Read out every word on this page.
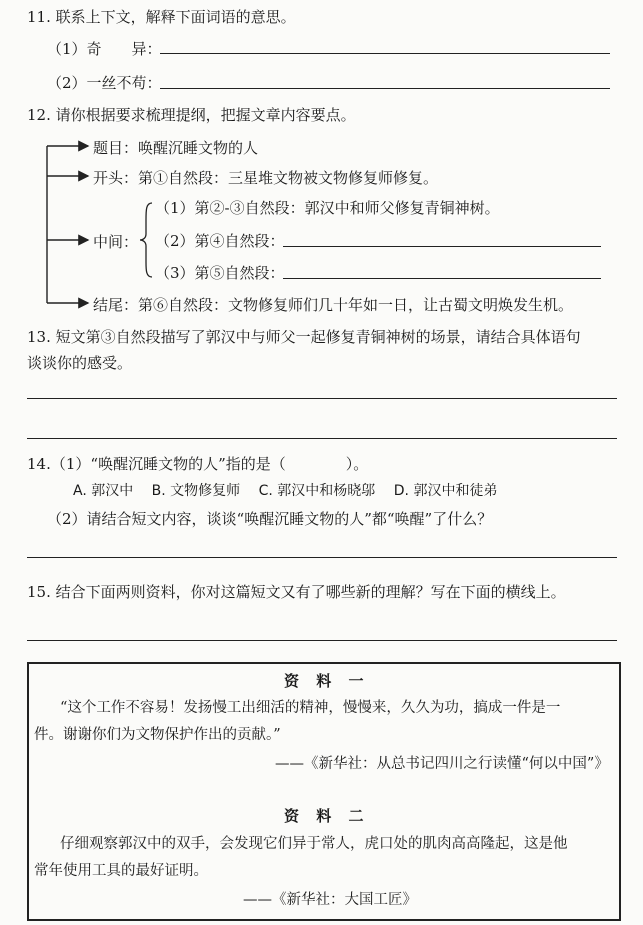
11. 联系上下文，解释下面词语的意思。
（1）奇　　异：
（2）一丝不苟：
12. 请你根据要求梳理提纲，把握文章内容要点。
题目：唤醒沉睡文物的人
开头：第①自然段：三星堆文物被文物修复师修复。
中间：
（1）第②-③自然段：郭汉中和师父修复青铜神树。
（2）第④自然段：
（3）第⑤自然段：
结尾：第⑥自然段：文物修复师们几十年如一日，让古蜀文明焕发生机。
13. 短文第③自然段描写了郭汉中与师父一起修复青铜神树的场景，请结合具体语句
谈谈你的感受。
14.（1）“唤醒沉睡文物的人”指的是（　　　　）。
A. 郭汉中　 B. 文物修复师　 C. 郭汉中和杨晓邬　 D. 郭汉中和徒弟
（2）请结合短文内容，谈谈“唤醒沉睡文物的人”都“唤醒”了什么？
15. 结合下面两则资料，你对这篇短文又有了哪些新的理解？写在下面的横线上。
资 料 一
“这个工作不容易！发扬慢工出细活的精神，慢慢来，久久为功，搞成一件是一
件。谢谢你们为文物保护作出的贡献。”
——《新华社：从总书记四川之行读懂“何以中国”》
资 料 二
仔细观察郭汉中的双手，会发现它们异于常人，虎口处的肌肉高高隆起，这是他
常年使用工具的最好证明。
——《新华社：大国工匠》
